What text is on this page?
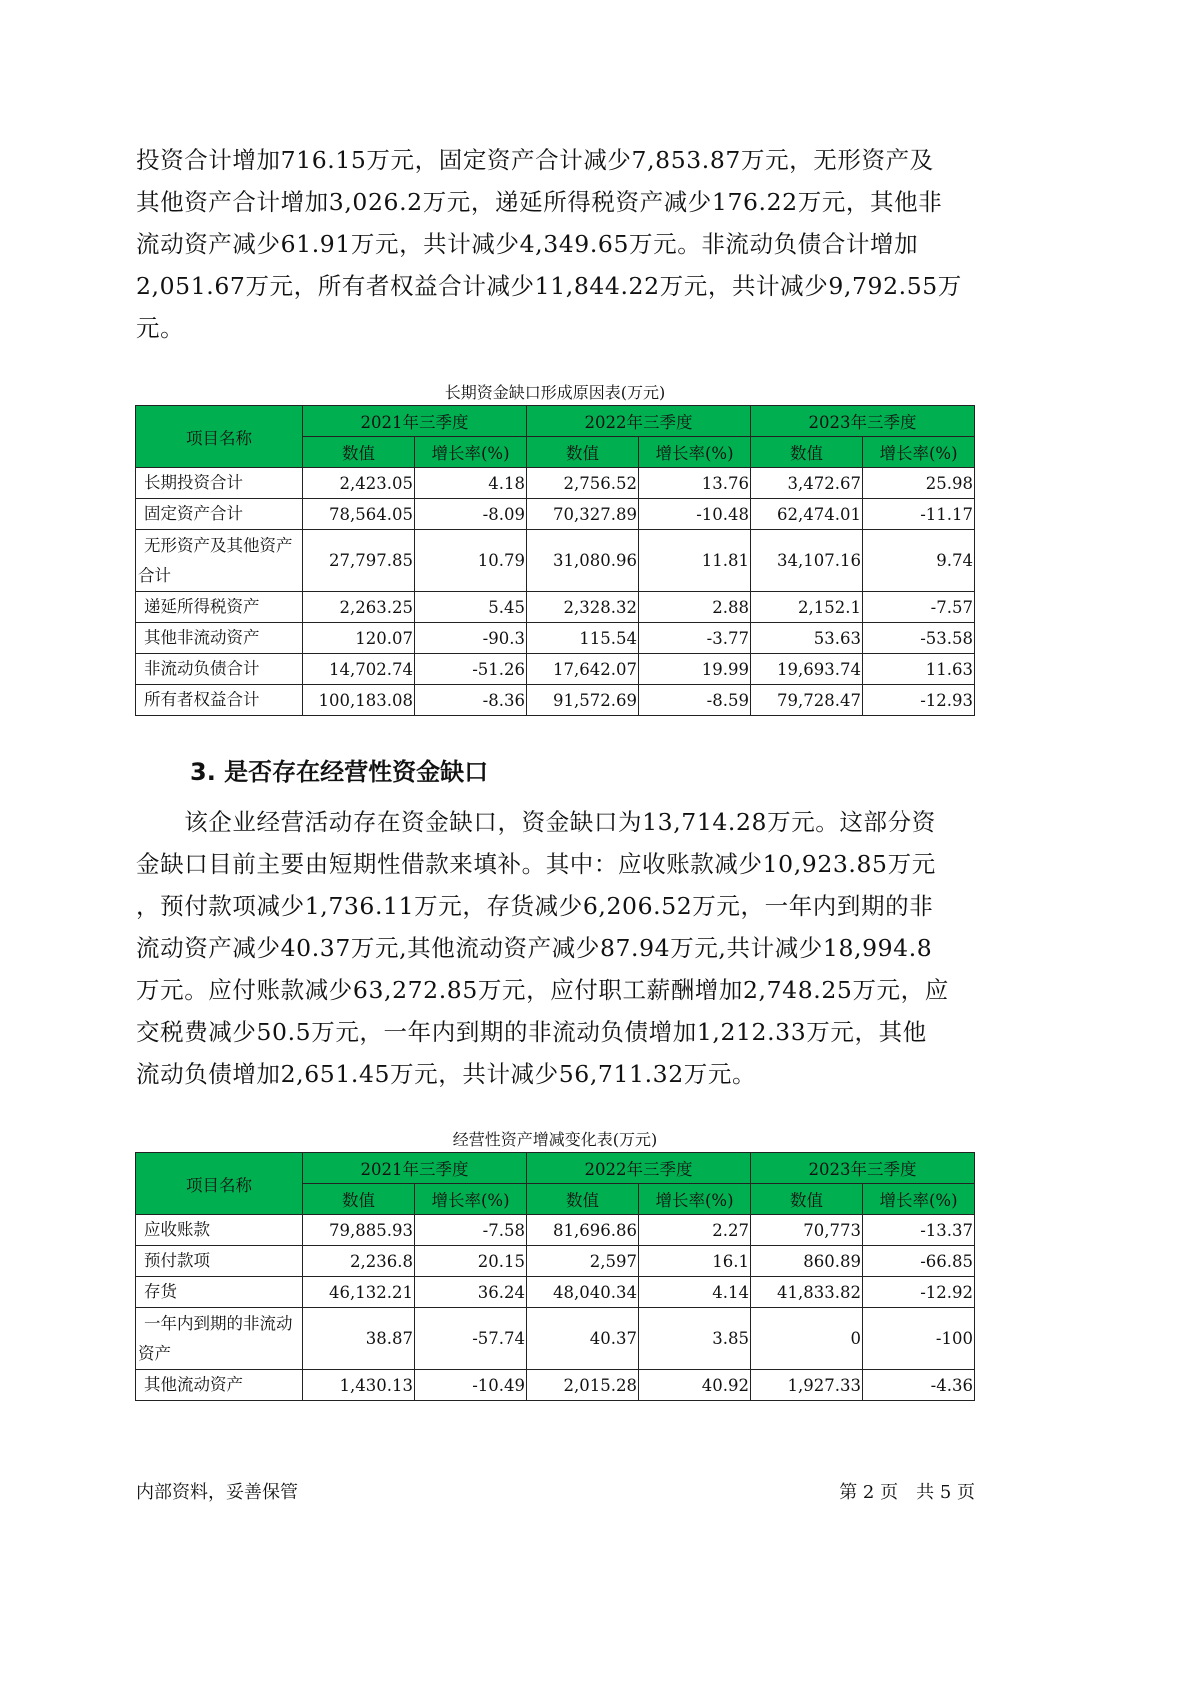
投资合计增加716.15万元，固定资产合计减少7,853.87万元，无形资产及
其他资产合计增加3,026.2万元，递延所得税资产减少176.22万元，其他非
流动资产减少61.91万元，共计减少4,349.65万元。非流动负债合计增加
2,051.67万元，所有者权益合计减少11,844.22万元，共计减少9,792.55万
元。
长期资金缺口形成原因表(万元)
项目名称	2021年三季度		2022年三季度		2023年三季度	
	数值	增长率(%)	数值	增长率(%)	数值	增长率(%)
长期投资合计	2,423.05	4.18	2,756.52	13.76	3,472.67	25.98
固定资产合计	78,564.05	-8.09	70,327.89	-10.48	62,474.01	-11.17
无形资产及其他资产合计	27,797.85	10.79	31,080.96	11.81	34,107.16	9.74
递延所得税资产	2,263.25	5.45	2,328.32	2.88	2,152.1	-7.57
其他非流动资产	120.07	-90.3	115.54	-3.77	53.63	-53.58
非流动负债合计	14,702.74	-51.26	17,642.07	19.99	19,693.74	11.63
所有者权益合计	100,183.08	-8.36	91,572.69	-8.59	79,728.47	-12.93
3. 是否存在经营性资金缺口
　　该企业经营活动存在资金缺口，资金缺口为13,714.28万元。这部分资
金缺口目前主要由短期性借款来填补。其中：应收账款减少10,923.85万元
，预付款项减少1,736.11万元，存货减少6,206.52万元，一年内到期的非
流动资产减少40.37万元,其他流动资产减少87.94万元,共计减少18,994.8
万元。应付账款减少63,272.85万元，应付职工薪酬增加2,748.25万元，应
交税费减少50.5万元，一年内到期的非流动负债增加1,212.33万元，其他
流动负债增加2,651.45万元，共计减少56,711.32万元。
经营性资产增减变化表(万元)
项目名称	2021年三季度		2022年三季度		2023年三季度	
	数值	增长率(%)	数值	增长率(%)	数值	增长率(%)
应收账款	79,885.93	-7.58	81,696.86	2.27	70,773	-13.37
预付款项	2,236.8	20.15	2,597	16.1	860.89	-66.85
存货	46,132.21	36.24	48,040.34	4.14	41,833.82	-12.92
一年内到期的非流动资产	38.87	-57.74	40.37	3.85	0	-100
其他流动资产	1,430.13	-10.49	2,015.28	40.92	1,927.33	-4.36
内部资料，妥善保管	第 2 页　共 5 页
